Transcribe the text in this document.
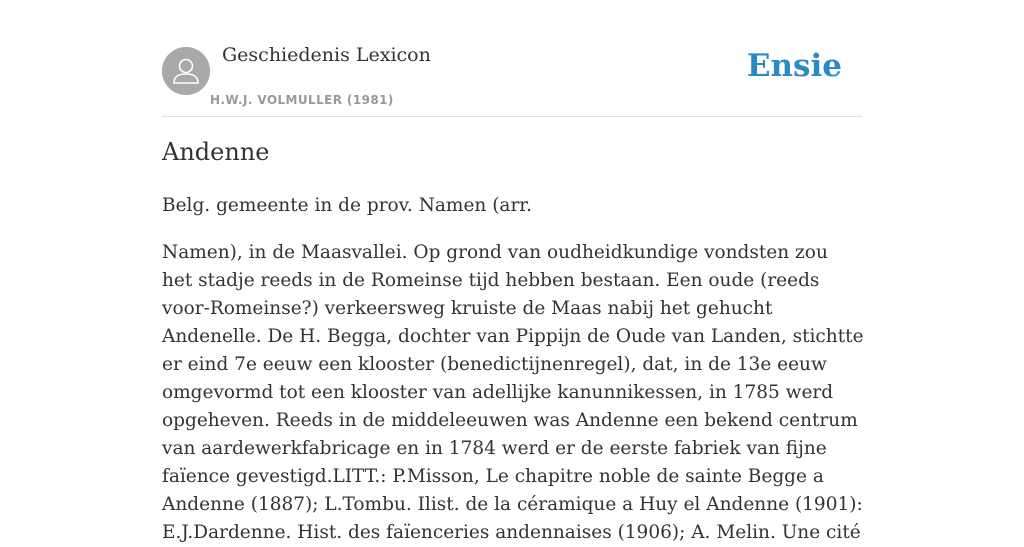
Geschiedenis Lexicon
H.W.J. VOLMULLER (1981)
Ensie
Andenne

Belg. gemeente in de prov. Namen (arr.

Namen), in de Maasvallei. Op grond van oudheidkundige vondsten zou het stadje reeds in de Romeinse tijd hebben bestaan. Een oude (reeds voor-Romeinse?) verkeersweg kruiste de Maas nabij het gehucht Andenelle. De H. Begga, dochter van Pippijn de Oude van Landen, stichtte er eind 7e eeuw een klooster (benedictijnenregel), dat, in de 13e eeuw omgevormd tot een klooster van adellijke kanunnikessen, in 1785 werd opgeheven. Reeds in de middeleeuwen was Andenne een bekend centrum van aardewerkfabricage en in 1784 werd er de eerste fabriek van fijne faïence gevestigd.LITT.: P.Misson, Le chapitre noble de sainte Begge a Andenne (1887); L.Tombu. Ilist. de la céramique a Huy el Andenne (1901): E.J.Dardenne. Hist. des faïenceries andennaises (1906); A. Melin. Une cité
